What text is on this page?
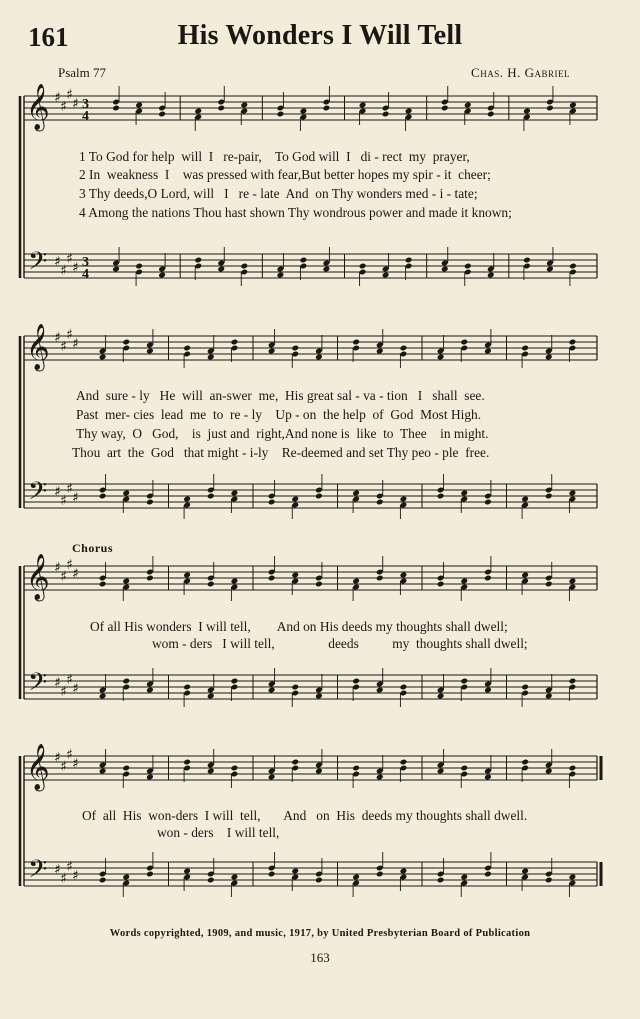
161	His Wonders I Will Tell
Psalm 77	Chas. H. Gabriel
𝄞
𝄢
♯
♯
♯
♯
♯
♯
♯
♯
3
4
3
4
𝄞
𝄢
♯
♯
♯
♯
♯
♯
♯
♯
𝄞
𝄢
♯
♯
♯
♯
♯
♯
♯
♯
𝄞
𝄢
♯
♯
♯
♯
♯
♯
♯
♯
1 To God for help  will  I   re-pair,    To God will  I   di - rect  my  prayer,
2 In  weakness  I    was pressed with fear,But better hopes my spir - it  cheer;
3 Thy deeds,O Lord, will   I   re - late  And  on Thy wonders med - i - tate;
4 Among the nations Thou hast shown Thy wondrous power and made it known;
And  sure - ly   He  will  an-swer  me,  His great sal - va - tion   I   shall  see.
Past  mer- cies  lead  me  to  re - ly    Up - on  the help  of  God  Most High.
Thy way,  O   God,    is  just and  right,And none is  like  to  Thee    in might.
Thou  art  the  God   that might - i-ly    Re-deemed and set Thy peo - ple  free.
Chorus
Of all His wonders  I will tell,        And on His deeds my thoughts shall dwell;
wom - ders   I will tell,                deeds          my  thoughts shall dwell;
Of  all  His  won-ders  I will  tell,       And   on  His  deeds my thoughts shall dwell.
won - ders    I will tell,
Words copyrighted, 1909, and music, 1917, by United Presbyterian Board of Publication
163
